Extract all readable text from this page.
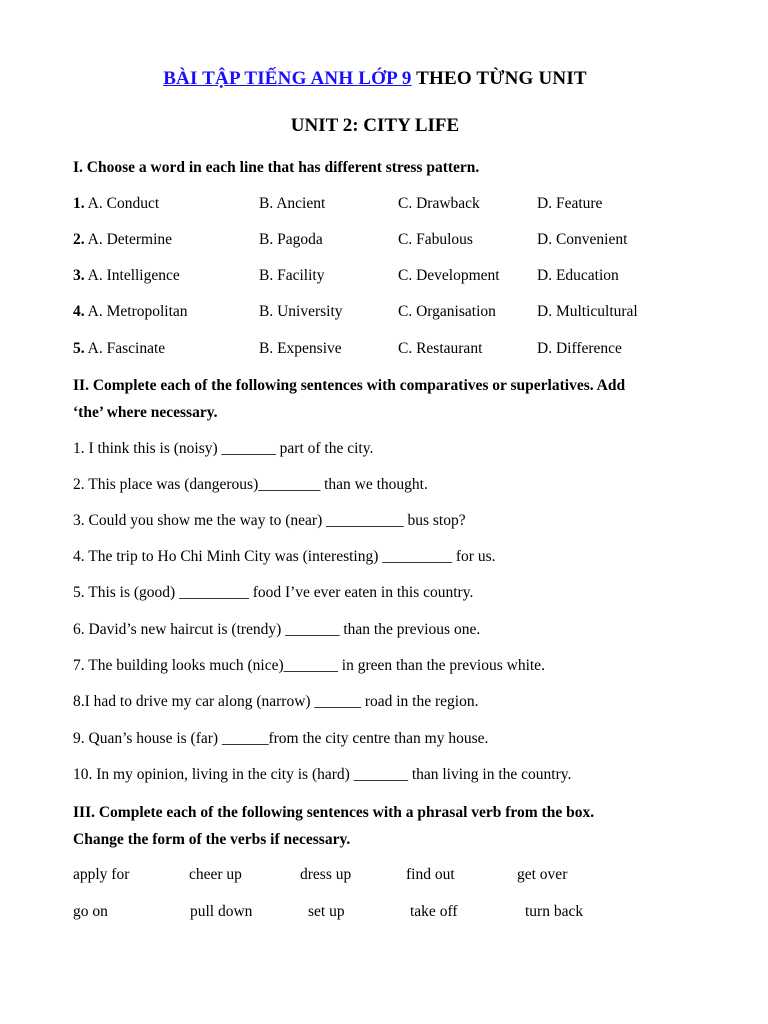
BÀI TẬP TIẾNG ANH LỚP 9 THEO TỪNG UNIT
UNIT 2: CITY LIFE
I. Choose a word in each line that has different stress pattern.
1. A. Conduct	B. Ancient	C. Drawback	D. Feature
2. A. Determine	B. Pagoda	C. Fabulous	D. Convenient
3. A. Intelligence	B. Facility	C. Development D. Education
4. A. Metropolitan	B. University	C. Organisation	D. Multicultural
5. A. Fascinate	B. Expensive	C. Restaurant	D. Difference
II. Complete each of the following sentences with comparatives or superlatives. Add
‘the’ where necessary.
1. I think this is (noisy) _______ part of the city.
2. This place was (dangerous)________ than we thought.
3. Could you show me the way to (near) __________ bus stop?
4. The trip to Ho Chi Minh City was (interesting) _________ for us.
5. This is (good) _________ food I’ve ever eaten in this country.
6. David’s new haircut is (trendy) _______ than the previous one.
7. The building looks much (nice)_______ in green than the previous white.
8.I had to drive my car along (narrow) ______ road in the region.
9. Quan’s house is (far) ______from the city centre than my house.
10. In my opinion, living in the city is (hard) _______ than living in the country.
III. Complete each of the following sentences with a phrasal verb from the box.
Change the form of the verbs if necessary.
apply for	cheer up	dress up	find out	get over
go on	pull down	set up	take off	turn back
